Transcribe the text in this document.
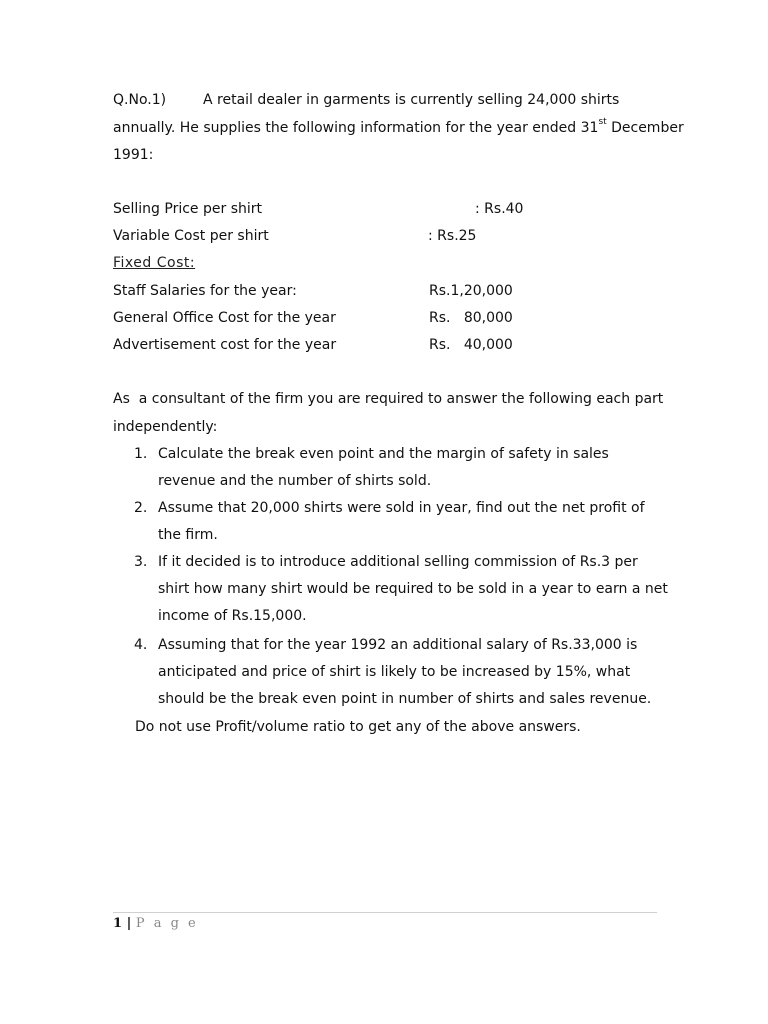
Q.No.1)	A retail dealer in garments is currently selling 24,000 shirts
annually. He supplies the following information for the year ended 31st December
1991:
Selling Price per shirt	: Rs.40
Variable Cost per shirt	: Rs.25
Fixed Cost:
Staff Salaries for the year:	Rs.1,20,000
General Office Cost for the year	Rs.   80,000
Advertisement cost for the year	Rs.   40,000
As  a consultant of the firm you are required to answer the following each part
independently:
1. Calculate the break even point and the margin of safety in sales revenue and the number of shirts sold.
2. Assume that 20,000 shirts were sold in year, find out the net profit of the firm.
3. If it decided is to introduce additional selling commission of Rs.3 per shirt how many shirt would be required to be sold in a year to earn a net income of Rs.15,000.
4. Assuming that for the year 1992 an additional salary of Rs.33,000 is anticipated and price of shirt is likely to be increased by 15%, what should be the break even point in number of shirts and sales revenue.
Do not use Profit/volume ratio to get any of the above answers.
1 | P a g e
